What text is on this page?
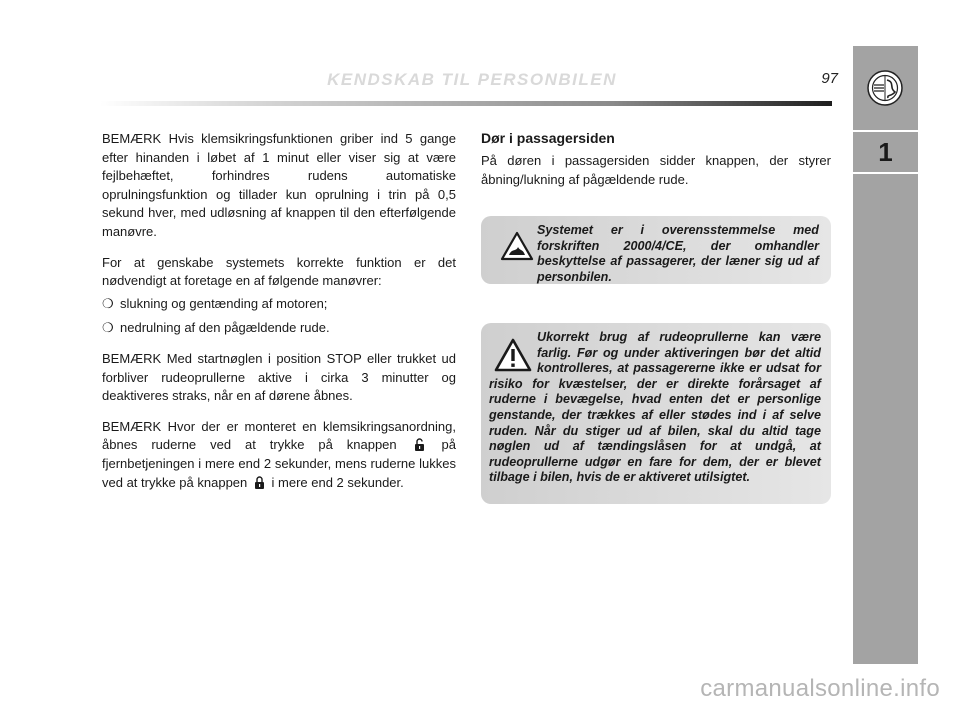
KENDSKAB TIL PERSONBILEN	97
1

BEMÆRK Hvis klemsikringsfunktionen griber ind 5 gange efter hinanden i løbet af 1 minut eller viser sig at være fejlbehæftet, forhindres rudens automatiske oprulningsfunktion og tillader kun oprulning i trin på 0,5 sekund hver, med udløsning af knappen til den efterfølgende manøvre.

For at genskabe systemets korrekte funktion er det nødvendigt at foretage en af følgende manøvrer:

❍ slukning og gentænding af motoren;
❍ nedrulning af den pågældende rude.

BEMÆRK Med startnøglen i position STOP eller trukket ud forbliver rudeoprullerne aktive i cirka 3 minutter og deaktiveres straks, når en af dørene åbnes.

BEMÆRK Hvor der er monteret en klemsikringsanordning, åbnes ruderne ved at trykke på knappen	på fjernbetjeningen i mere end 2 sekunder, mens ruderne lukkes ved at trykke på knappen i mere end 2 sekunder.

Dør i passagersiden

På døren i passagersiden sidder knappen, der styrer åbning/lukning af pågældende rude.

Systemet er i overensstemmelse med forskriften 2000/4/CE, der omhandler beskyttelse af passagerer, der læner sig ud af personbilen.
Ukorrekt brug af rudeoprullerne kan være farlig. Før og under aktiveringen bør det altid kontrolleres, at passagererne ikke er udsat for risiko for kvæstelser, der er direkte forårsaget af ruderne i bevægelse, hvad enten det er personlige genstande, der trækkes af eller stødes ind i af selve ruden. Når du stiger ud af bilen, skal du altid tage nøglen ud af tændingslåsen for at undgå, at rudeoprullerne udgør en fare for dem, der er blevet tilbage i bilen, hvis de er aktiveret utilsigtet.
carmanualsonline.info
